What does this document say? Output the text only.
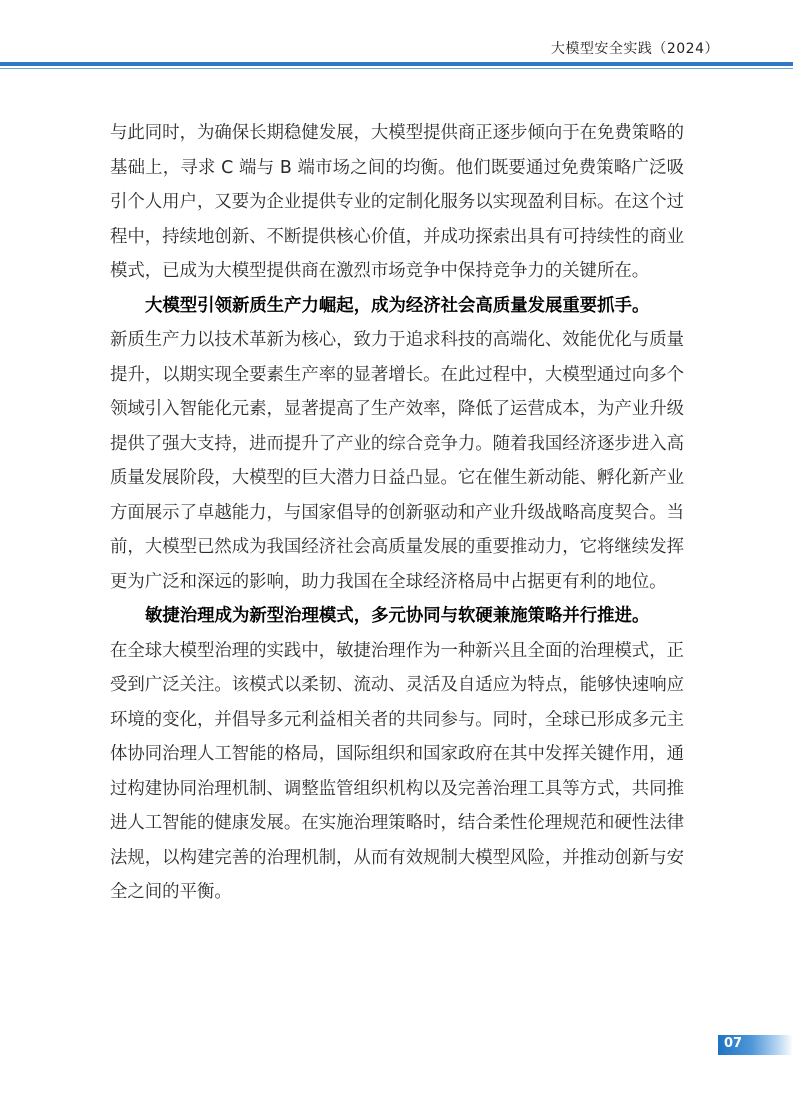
大模型安全实践（2024）

与此同时，为确保长期稳健发展，大模型提供商正逐步倾向于在免费策略的基础上，寻求 C 端与 B 端市场之间的均衡。他们既要通过免费策略广泛吸引个人用户，又要为企业提供专业的定制化服务以实现盈利目标。在这个过程中，持续地创新、不断提供核心价值，并成功探索出具有可持续性的商业模式，已成为大模型提供商在激烈市场竞争中保持竞争力的关键所在。

大模型引领新质生产力崛起，成为经济社会高质量发展重要抓手。

新质生产力以技术革新为核心，致力于追求科技的高端化、效能优化与质量提升，以期实现全要素生产率的显著增长。在此过程中，大模型通过向多个领域引入智能化元素，显著提高了生产效率，降低了运营成本，为产业升级提供了强大支持，进而提升了产业的综合竞争力。随着我国经济逐步进入高质量发展阶段，大模型的巨大潜力日益凸显。它在催生新动能、孵化新产业方面展示了卓越能力，与国家倡导的创新驱动和产业升级战略高度契合。当前，大模型已然成为我国经济社会高质量发展的重要推动力，它将继续发挥更为广泛和深远的影响，助力我国在全球经济格局中占据更有利的地位。

敏捷治理成为新型治理模式，多元协同与软硬兼施策略并行推进。

在全球大模型治理的实践中，敏捷治理作为一种新兴且全面的治理模式，正受到广泛关注。该模式以柔韧、流动、灵活及自适应为特点，能够快速响应环境的变化，并倡导多元利益相关者的共同参与。同时，全球已形成多元主体协同治理人工智能的格局，国际组织和国家政府在其中发挥关键作用，通过构建协同治理机制、调整监管组织机构以及完善治理工具等方式，共同推进人工智能的健康发展。在实施治理策略时，结合柔性伦理规范和硬性法律法规，以构建完善的治理机制，从而有效规制大模型风险，并推动创新与安全之间的平衡。

07
